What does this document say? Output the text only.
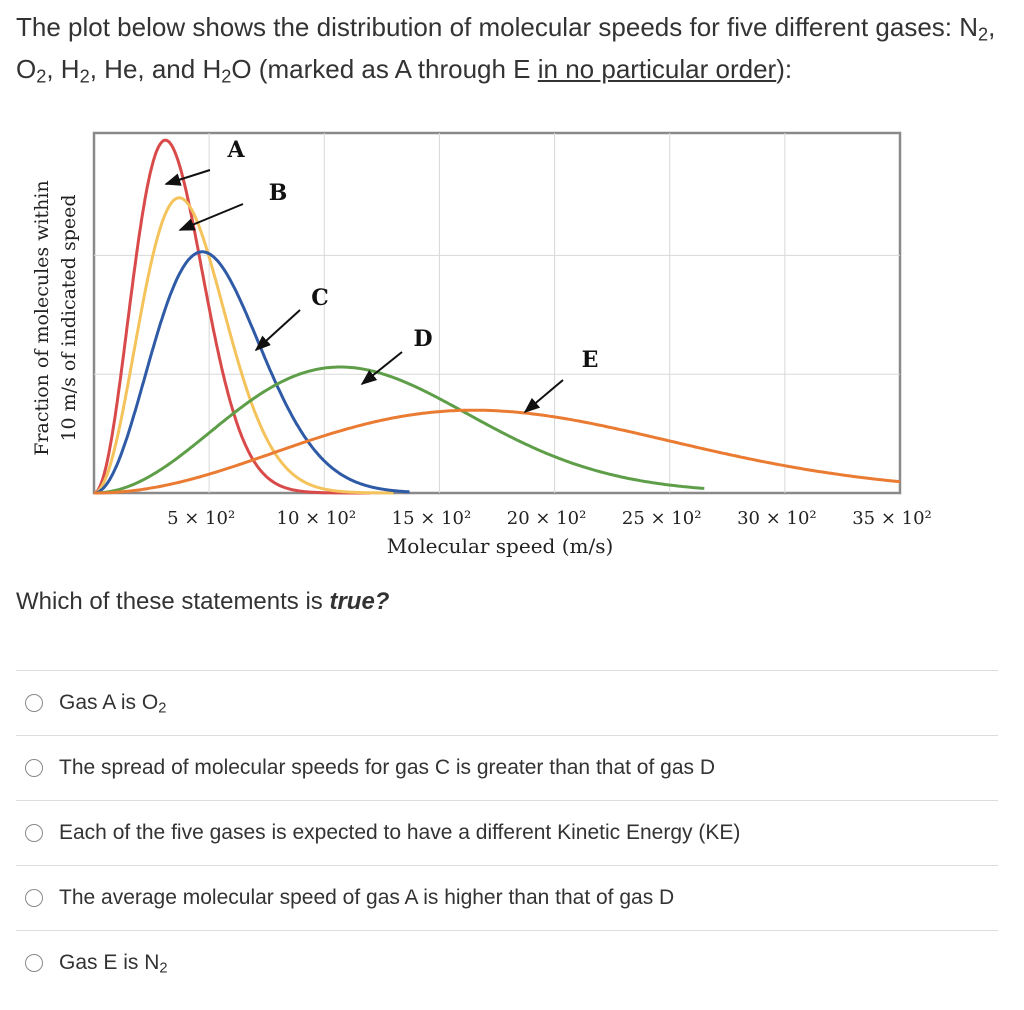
The plot below shows the distribution of molecular speeds for five different gases: $N_2$, $O_2$, $H_2$, He, and $H_2O$ (marked as A through E in no particular order):

5 × 10² 10 × 10² 15 × 10² 20 × 10² 25 × 10² 30 × 10² 35 × 10²
A
B
C
D
E
Fraction of molecules within 10 m/s of indicated speed
Molecular speed (m/s)

Which of these statements is true?

Gas A is $O_2$
The spread of molecular speeds for gas C is greater than that of gas D
Each of the five gases is expected to have a different Kinetic Energy (KE)
The average molecular speed of gas A is higher than that of gas D
Gas E is $N_2$
